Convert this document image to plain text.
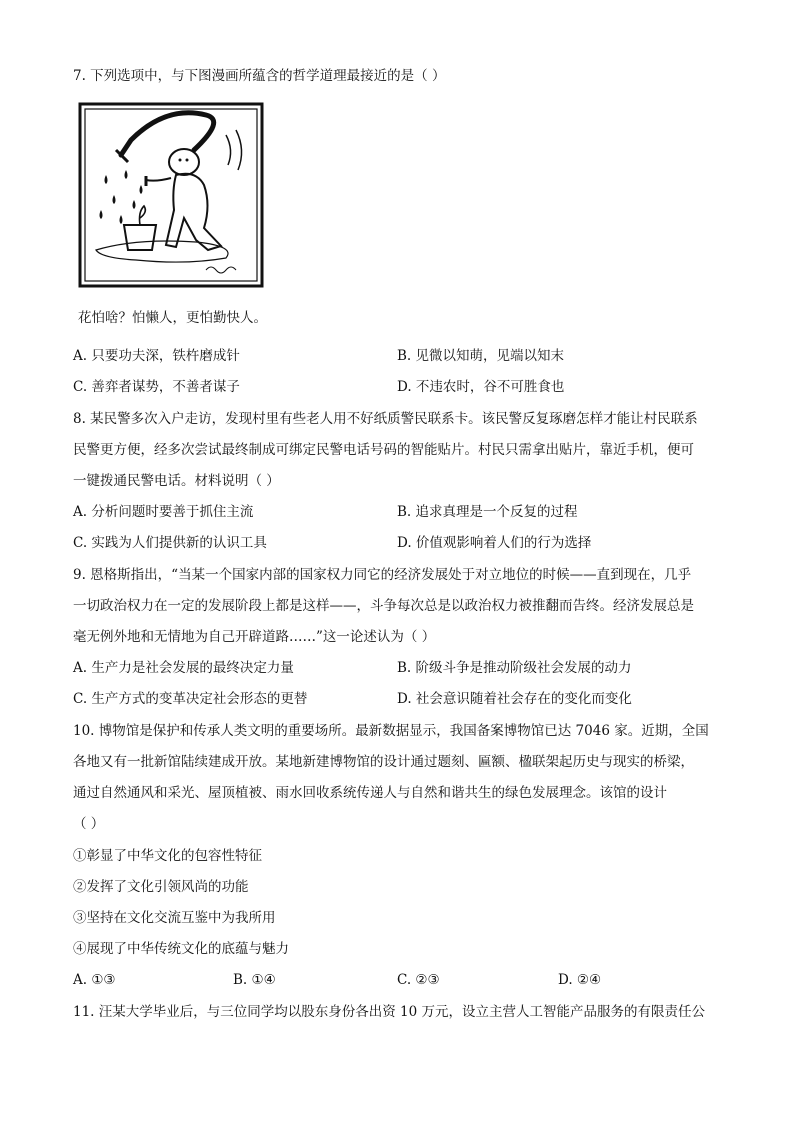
7. 下列选项中，与下图漫画所蕴含的哲学道理最接近的是（ ）
花怕啥？怕懒人，更怕勤快人。
A. 只要功夫深，铁杵磨成针	B. 见微以知萌，见端以知末
C. 善弈者谋势，不善者谋子	D. 不违农时，谷不可胜食也
8. 某民警多次入户走访，发现村里有些老人用不好纸质警民联系卡。该民警反复琢磨怎样才能让村民联系
民警更方便，经多次尝试最终制成可绑定民警电话号码的智能贴片。村民只需拿出贴片，靠近手机，便可
一键拨通民警电话。材料说明（ ）
A. 分析问题时要善于抓住主流	B. 追求真理是一个反复的过程
C. 实践为人们提供新的认识工具	D. 价值观影响着人们的行为选择
9. 恩格斯指出，“当某一个国家内部的国家权力同它的经济发展处于对立地位的时候——直到现在，几乎
一切政治权力在一定的发展阶段上都是这样——，斗争每次总是以政治权力被推翻而告终。经济发展总是
毫无例外地和无情地为自己开辟道路……”这一论述认为（ ）
A. 生产力是社会发展的最终决定力量	B. 阶级斗争是推动阶级社会发展的动力
C. 生产方式的变革决定社会形态的更替	D. 社会意识随着社会存在的变化而变化
10. 博物馆是保护和传承人类文明的重要场所。最新数据显示，我国备案博物馆已达 7046 家。近期，全国
各地又有一批新馆陆续建成开放。某地新建博物馆的设计通过题刻、匾额、楹联架起历史与现实的桥梁，
通过自然通风和采光、屋顶植被、雨水回收系统传递人与自然和谐共生的绿色发展理念。该馆的设计
（ ）
①彰显了中华文化的包容性特征
②发挥了文化引领风尚的功能
③坚持在文化交流互鉴中为我所用
④展现了中华传统文化的底蕴与魅力
A. ①③	B. ①④	C. ②③	D. ②④
11. 汪某大学毕业后，与三位同学均以股东身份各出资 10 万元，设立主营人工智能产品服务的有限责任公
